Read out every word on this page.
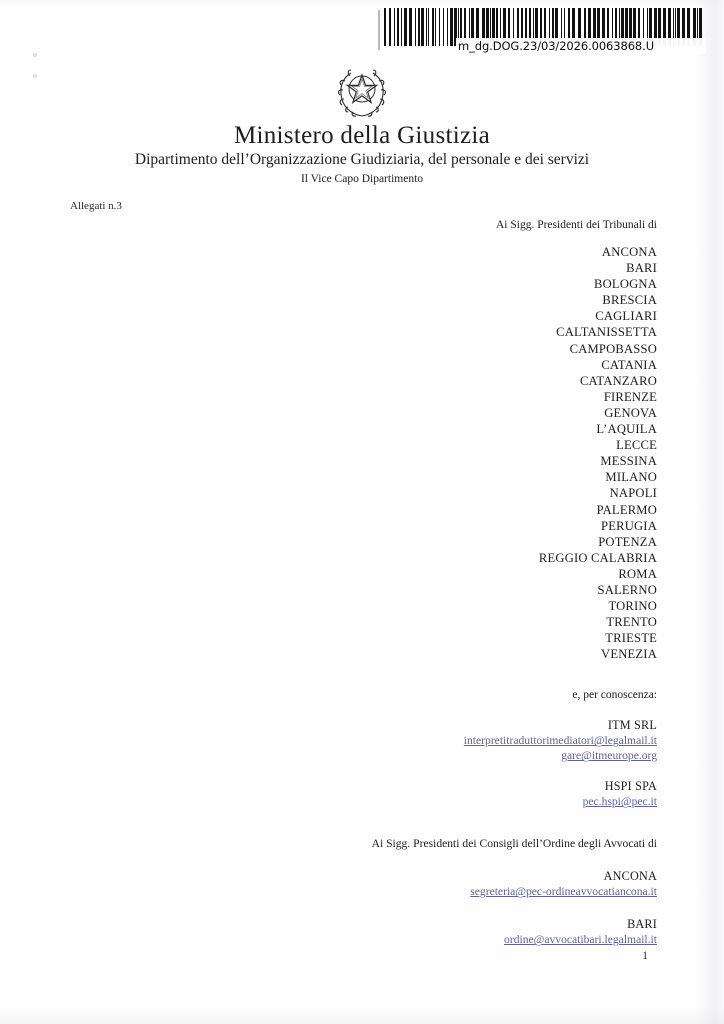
m_dg.DOG.23/03/2026.0063868.U
Ministero della Giustizia
Dipartimento dell’Organizzazione Giudiziaria, del personale e dei servizi
Il Vice Capo Dipartimento
Allegati n.3
Ai Sigg. Presidenti dei Tribunali di
ANCONA
BARI
BOLOGNA
BRESCIA
CAGLIARI
CALTANISSETTA
CAMPOBASSO
CATANIA
CATANZARO
FIRENZE
GENOVA
L’AQUILA
LECCE
MESSINA
MILANO
NAPOLI
PALERMO
PERUGIA
POTENZA
REGGIO CALABRIA
ROMA
SALERNO
TORINO
TRENTO
TRIESTE
VENEZIA
e, per conoscenza:
ITM SRL
interpretitraduttorimediatori@legalmail.it
gare@itmeurope.org
HSPI SPA
pec.hspi@pec.it
Ai Sigg. Presidenti dei Consigli dell’Ordine degli Avvocati di
ANCONA
segreteria@pec-ordineavvocatiancona.it
BARI
ordine@avvocatibari.legalmail.it
1
